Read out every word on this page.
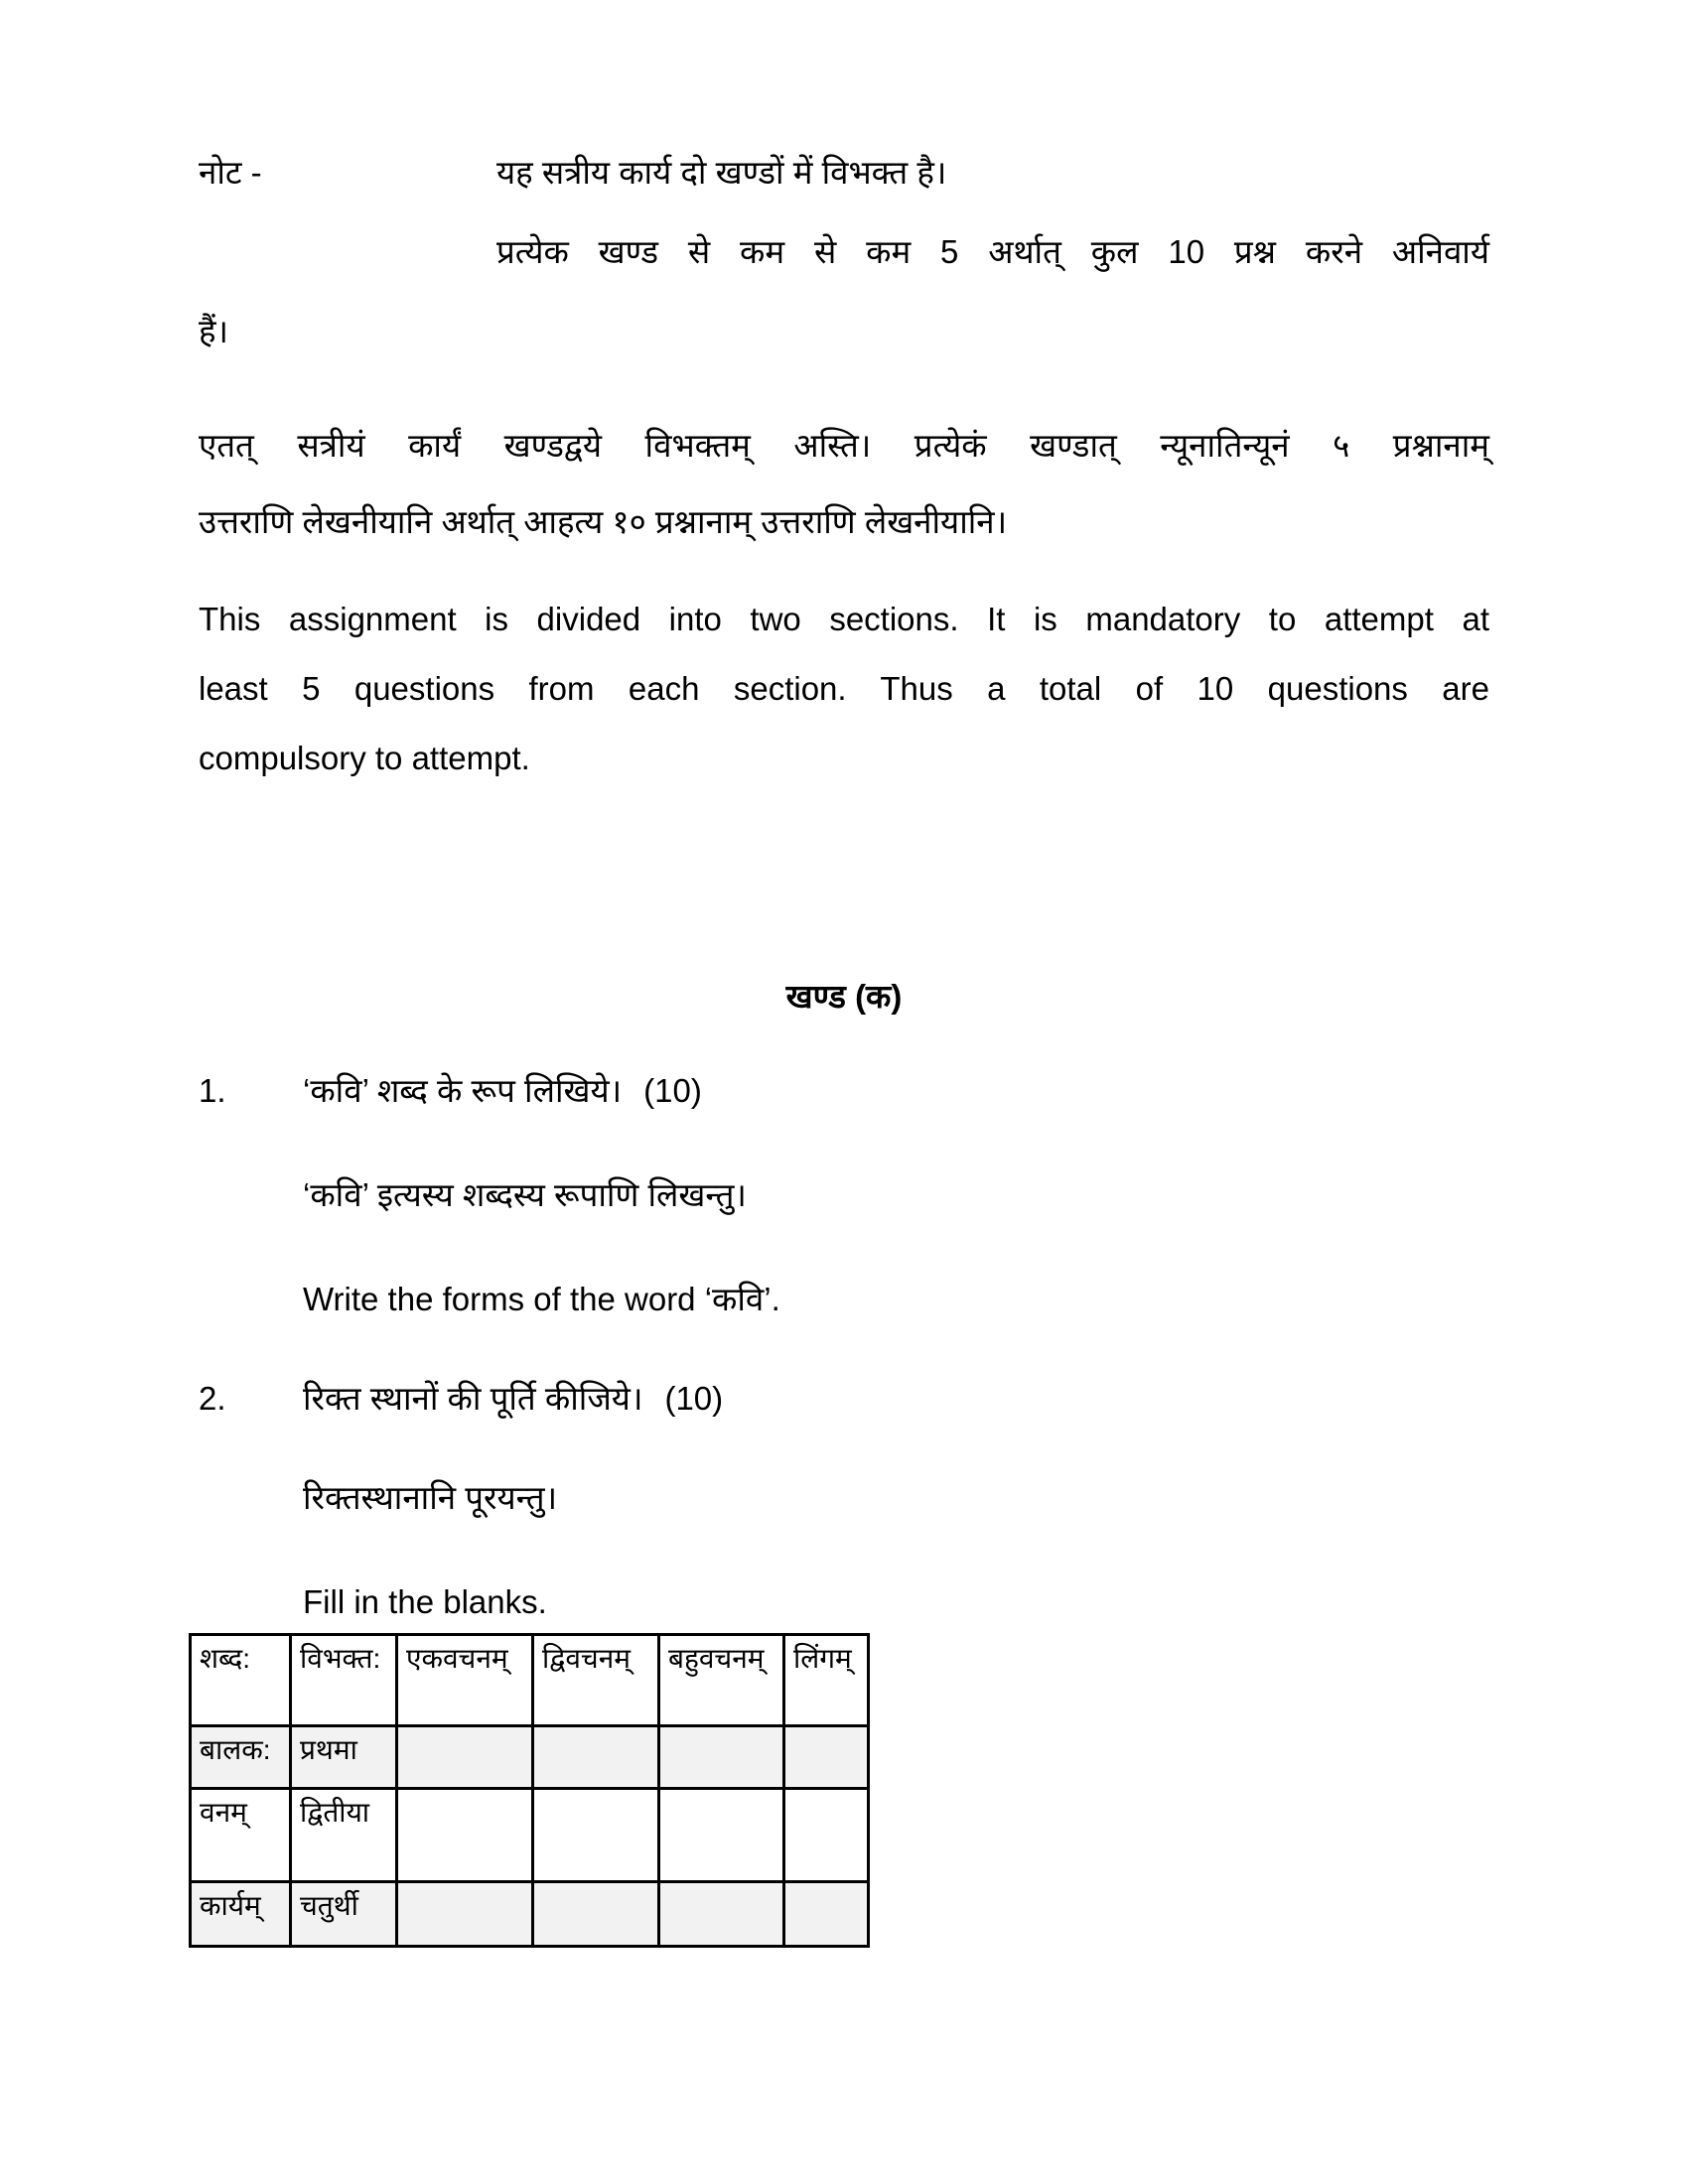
नोट -	यह सत्रीय कार्य दो खण्डों में विभक्त है।
प्रत्येक खण्ड से कम से कम 5 अर्थात् कुल 10 प्रश्न करने अनिवार्य
हैं।
एतत् सत्रीयं कार्यं खण्डद्वये विभक्तम् अस्ति। प्रत्येकं खण्डात् न्यूनातिन्यूनं ५ प्रश्नानाम्
उत्तराणि लेखनीयानि अर्थात् आहत्य १० प्रश्नानाम् उत्तराणि लेखनीयानि।
This assignment is divided into two sections. It is mandatory to attempt at
least 5 questions from each section. Thus a total of 10 questions are
compulsory to attempt.
खण्ड (क)
1. ‘कवि’ शब्द के रूप लिखिये। (10)
‘कवि’ इत्यस्य शब्दस्य रूपाणि लिखन्तु।
Write the forms of the word ‘कवि’.
2. रिक्त स्थानों की पूर्ति कीजिये। (10)
रिक्तस्थानानि पूरयन्तु।
Fill in the blanks.
शब्द:	विभक्त:	एकवचनम्	द्विवचनम्	बहुवचनम्	लिंगम्
बालक:	प्रथमा				
वनम्	द्वितीया				
कार्यम्	चतुर्थी				
